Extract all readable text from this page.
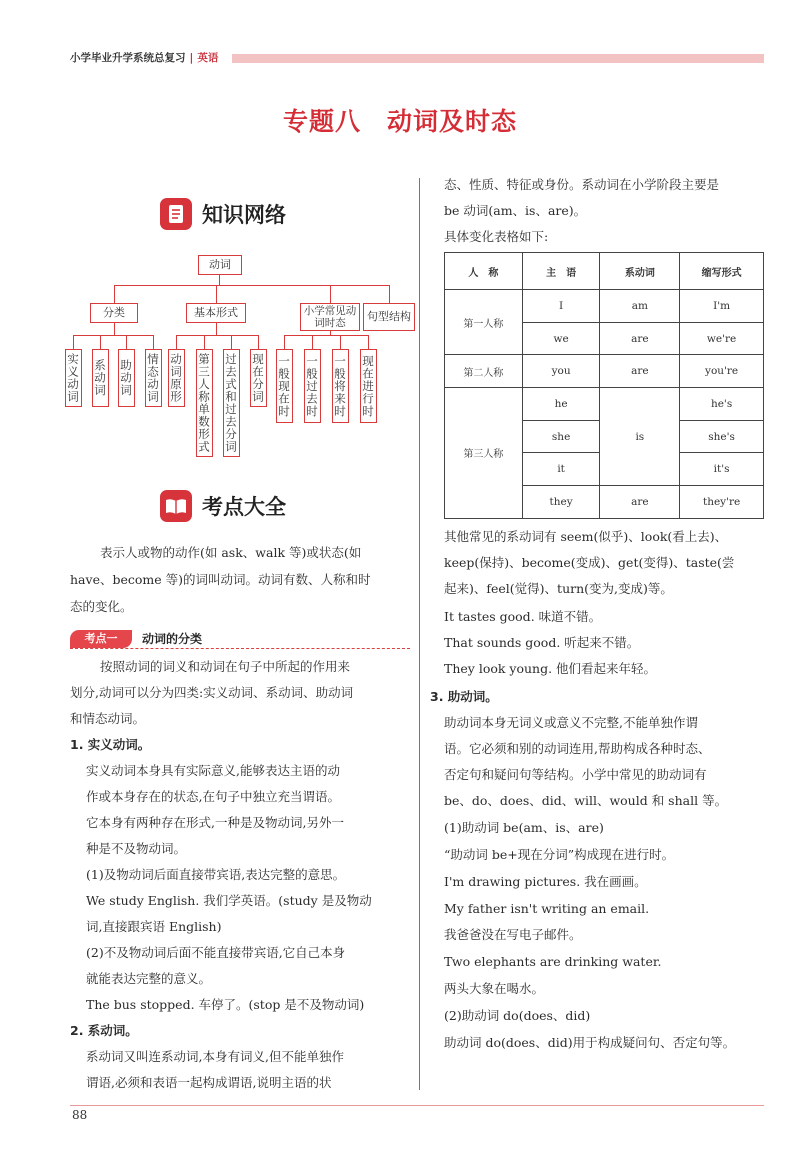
小学毕业升学系统总复习 | 英语
专题八　动词及时态
知识网络
动词
分类	基本形式	小学常见动词时态	句型结构
实义动词 系动词 助动词 情态动词 动词原形 第三人称单数形式 过去式和过去分词 现在分词 一般现在时 一般过去时 一般将来时 现在进行时
考点大全
表示人或物的动作(如 ask、walk 等)或状态(如
have、become 等)的词叫动词。动词有数、人称和时
态的变化。
考点一	动词的分类
按照动词的词义和动词在句子中所起的作用来
划分,动词可以分为四类:实义动词、系动词、助动词
和情态动词。
1. 实义动词。
实义动词本身具有实际意义,能够表达主语的动
作或本身存在的状态,在句子中独立充当谓语。
它本身有两种存在形式,一种是及物动词,另外一
种是不及物动词。
(1)及物动词后面直接带宾语,表达完整的意思。
We study English. 我们学英语。(study 是及物动
词,直接跟宾语 English)
(2)不及物动词后面不能直接带宾语,它自己本身
就能表达完整的意义。
The bus stopped. 车停了。(stop 是不及物动词)
2. 系动词。
系动词又叫连系动词,本身有词义,但不能单独作
谓语,必须和表语一起构成谓语,说明主语的状
态、性质、特征或身份。系动词在小学阶段主要是
be 动词(am、is、are)。
具体变化表格如下:
人　称	主　语	系动词	缩写形式
第一人称	I	am	I'm
	we	are	we're
第二人称	you	are	you're
第三人称	he	is	he's
	she		she's
	it		it's
	they	are	they're
其他常见的系动词有 seem(似乎)、look(看上去)、
keep(保持)、become(变成)、get(变得)、taste(尝
起来)、feel(觉得)、turn(变为,变成)等。
It tastes good. 味道不错。
That sounds good. 听起来不错。
They look young. 他们看起来年轻。
3. 助动词。
助动词本身无词义或意义不完整,不能单独作谓
语。它必须和别的动词连用,帮助构成各种时态、
否定句和疑问句等结构。小学中常见的助动词有
be、do、does、did、will、would 和 shall 等。
(1)助动词 be(am、is、are)
“助动词 be+现在分词”构成现在进行时。
I'm drawing pictures. 我在画画。
My father isn't writing an email.
我爸爸没在写电子邮件。
Two elephants are drinking water.
两头大象在喝水。
(2)助动词 do(does、did)
助动词 do(does、did)用于构成疑问句、否定句等。
88
